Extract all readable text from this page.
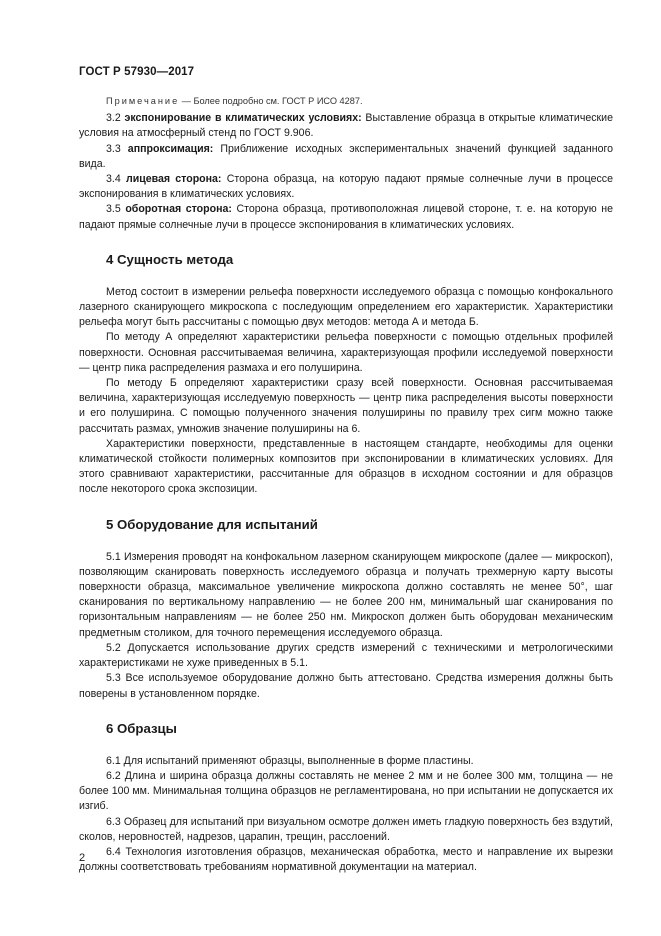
ГОСТ Р 57930—2017

Примечание — Более подробно см. ГОСТ Р ИСО 4287.

3.2 экспонирование в климатических условиях: Выставление образца в открытые климатические условия на атмосферный стенд по ГОСТ 9.906.

3.3 аппроксимация: Приближение исходных экспериментальных значений функцией заданного вида.

3.4 лицевая сторона: Сторона образца, на которую падают прямые солнечные лучи в процессе экспонирования в климатических условиях.

3.5 оборотная сторона: Сторона образца, противоположная лицевой стороне, т. е. на которую не падают прямые солнечные лучи в процессе экспонирования в климатических условиях.

4 Сущность метода

Метод состоит в измерении рельефа поверхности исследуемого образца с помощью конфокального лазерного сканирующего микроскопа с последующим определением его характеристик. Характеристики рельефа могут быть рассчитаны с помощью двух методов: метода А и метода Б.

По методу А определяют характеристики рельефа поверхности с помощью отдельных профилей поверхности. Основная рассчитываемая величина, характеризующая профили исследуемой поверхности — центр пика распределения размаха и его полуширина.

По методу Б определяют характеристики сразу всей поверхности. Основная рассчитываемая величина, характеризующая исследуемую поверхность — центр пика распределения высоты поверхности и его полуширина. С помощью полученного значения полуширины по правилу трех сигм можно также рассчитать размах, умножив значение полуширины на 6.

Характеристики поверхности, представленные в настоящем стандарте, необходимы для оценки климатической стойкости полимерных композитов при экспонировании в климатических условиях. Для этого сравнивают характеристики, рассчитанные для образцов в исходном состоянии и для образцов после некоторого срока экспозиции.

5 Оборудование для испытаний

5.1 Измерения проводят на конфокальном лазерном сканирующем микроскопе (далее — микроскоп), позволяющим сканировать поверхность исследуемого образца и получать трехмерную карту высоты поверхности образца, максимальное увеличение микроскопа должно составлять не менее 50°, шаг сканирования по вертикальному направлению — не более 200 нм, минимальный шаг сканирования по горизонтальным направлениям — не более 250 нм. Микроскоп должен быть оборудован механическим предметным столиком, для точного перемещения исследуемого образца.

5.2 Допускается использование других средств измерений с техническими и метрологическими характеристиками не хуже приведенных в 5.1.

5.3 Все используемое оборудование должно быть аттестовано. Средства измерения должны быть поверены в установленном порядке.

6 Образцы

6.1 Для испытаний применяют образцы, выполненные в форме пластины.

6.2 Длина и ширина образца должны составлять не менее 2 мм и не более 300 мм, толщина — не более 100 мм. Минимальная толщина образцов не регламентирована, но при испытании не допускается их изгиб.

6.3 Образец для испытаний при визуальном осмотре должен иметь гладкую поверхность без вздутий, сколов, неровностей, надрезов, царапин, трещин, расслоений.

6.4 Технология изготовления образцов, механическая обработка, место и направление их вырезки должны соответствовать требованиям нормативной документации на материал.

2
